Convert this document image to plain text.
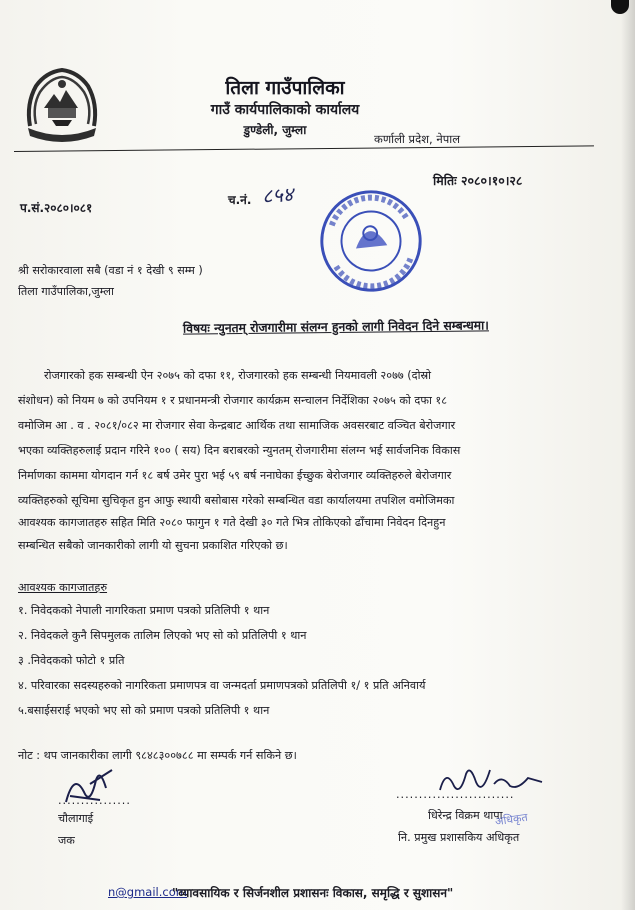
तिला गाउँपालिका
गाउँ कार्यपालिकाको कार्यालय
डुण्डेली, जुम्ला
कर्णाली प्रदेश, नेपाल
मितिः २०८०।१०।२८
प.सं.२०८०।०८१
च.नं. ८५४
श्री सरोकारवाला सबै (वडा नं १ देखी ९ सम्म )
तिला गाउँपालिका,जुम्ला
विषयः न्युनतम् रोजगारीमा संलग्न हुनको लागी निवेदन दिने सम्बन्धमा।
रोजगारको हक सम्बन्धी ऐन २०७५ को दफा ११, रोजगारको हक सम्बन्धी नियमावली २०७७ (दोस्रो
संशोधन) को नियम ७ को उपनियम १ र प्रधानमन्त्री रोजगार कार्यक्रम सन्चालन निर्देशिका २०७५ को दफा १८
वमोजिम आ . व . २०८१/०८२ मा रोजगार सेवा केन्द्रबाट आर्थिक तथा सामाजिक अवसरबाट वञ्चित बेरोजगार
भएका व्यक्तिहरुलाई प्रदान गरिने १०० ( सय) दिन बराबरको न्युनतम् रोजगारीमा संलग्न भई सार्वजनिक विकास
निर्माणका काममा योगदान गर्न १८ बर्ष उमेर पुरा भई ५९ बर्ष ननाघेका ईच्छुक बेरोजगार व्यक्तिहरुले बेरोजगार
व्यक्तिहरुको सूचिमा सुचिकृत हुन आफु स्थायी बसोबास गरेको सम्बन्धित वडा कार्यालयमा तपशिल वमोजिमका
आवश्यक कागजातहरु सहित मिति २०८० फागुन १ गते देखी ३० गते भित्र तोकिएको ढाँचामा निवेदन दिनहुन
सम्बन्धित सबैको जानकारीको लागी यो सुचना प्रकाशित गरिएको छ।
आवश्यक कागजातहरु
१. निवेदकको नेपाली नागरिकता प्रमाण पत्रको प्रतिलिपी १ थान
२. निवेदकले कुनै सिपमुलक तालिम लिएको भए सो को प्रतिलिपी १ थान
३ .निवेदकको फोटो १ प्रति
४. परिवारका सदस्यहरुको नागरिकता प्रमाणपत्र वा जन्मदर्ता प्रमाणपत्रको प्रतिलिपी १/ १ प्रति अनिवार्य
५.बसाईसराई भएको भए सो को प्रमाण पत्रको प्रतिलिपी १ थान
नोट : थप जानकारीका लागी ९८४८३००७८८ मा सम्पर्क गर्न सकिने छ।
................
चौलागाई
जक
..........................
धिरेन्द्र विक्रम थापा
नि. प्रमुख प्रशासकिय अधिकृत
अधिकृत
n@gmail.com
"व्यावसायिक र सिर्जनशील प्रशासनः विकास, समृद्धि र सुशासन"
